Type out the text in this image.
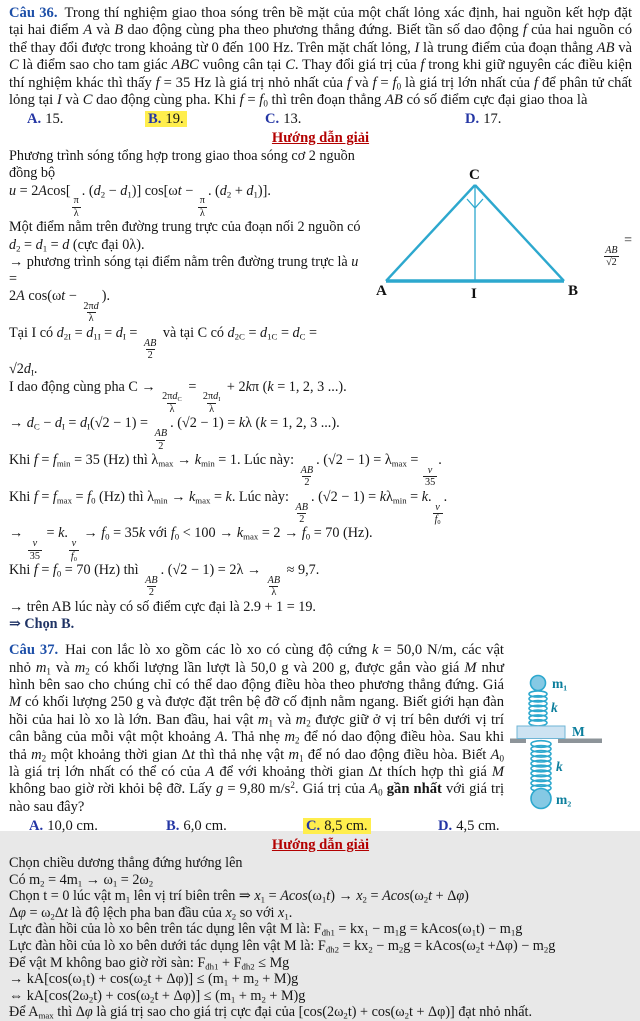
Câu 36. Trong thí nghiệm giao thoa sóng trên bề mặt của một chất lỏng xác định, hai nguồn kết hợp đặt tại hai điểm A và B dao động cùng pha theo phương thẳng đứng. Biết tần số dao động f của hai nguồn có thể thay đổi được trong khoảng từ 0 đến 100 Hz. Trên mặt chất lỏng, I là trung điểm của đoạn thẳng AB và C là điểm sao cho tam giác ABC vuông cân tại C. Thay đổi giá trị của f trong khi giữ nguyên các điều kiện thí nghiệm khác thì thấy f = 35 Hz là giá trị nhỏ nhất của f và $f = f_0$ là giá trị lớn nhất của f để phân tử chất lỏng tại I và C dao động cùng pha. Khi $f = f_0$ thì trên đoạn thẳng AB có số điểm cực đại giao thoa là

A. 15.	B. 19.	C. 13.	D. 17.
Hướng dẫn giải
C
A	B
I
$\frac{AB}{√2}$
=
Phương trình sóng tổng hợp trong giao thoa sóng cơ 2 nguồn đồng bộ
u = 2Acos[
$\frac{\pi}{\lambda}$
. $(d_2 - d_1)$] cos[ωt −
$\frac{\pi}{\lambda}$
. $(d_2 + d_1)$].
Một điểm nằm trên đường trung trực của đoạn nối 2 nguồn có
$d_2 = d_1 = d$ (cực đại 0λ).
→ phương trình sóng tại điểm nằm trên đường trung trực là u =
2A cos(ωt −
$\frac{2\pi d}{\lambda}$
).
Tại I có $d_{2I} = d_{1I} = d_I$ =
$\frac{AB}{2}$
và tại C có $d_{2C} = d_{1C} = d_C$ =
$√2d_I$.
I dao động cùng pha C →
$2\pi d_C$
λ
=
$2\pi d_I$
λ
+ 2kπ (k = 1, 2, 3 ...).
→ $d_C - d_I = d_I(√2 - 1)$ =
$\frac{AB}{2}$
. (√2 − 1) = kλ (k = 1, 2, 3 ...).
Khi $f = f_{min} = 35$ (Hz) thì $\lambda_{max} \to k_{min} = 1$. Lúc này:
$\frac{AB}{2}$
. $(√2 - 1) = \lambda_{max}$ =
$\frac{v}{35}$
.
Khi $f = f_{max} = f_0$ (Hz) thì $\lambda_{min} \to k_{max} = k$. Lúc này:
$\frac{AB}{2}$
. $(√2 - 1) = k\lambda_{min} = k$.
$\frac{v}{f_0}$
.
→
$\frac{v}{35}$
= k.
$\frac{v}{f_0}$
→ $f_0 = 35k$ với $f_0 < 100 \to k_{max} = 2 \to f_0 = 70$ (Hz).
Khi $f = f_0 = 70$ (Hz) thì
$\frac{AB}{2}$
. (√2 − 1) = 2λ →
$\frac{AB}{\lambda}$
≈ 9,7.
→ trên AB lúc này có số điểm cực đại là 2.9 + 1 = 19.
⇒ Chọn B.
m₁
k
M
k
m₂

Câu 37. Hai con lắc lò xo gồm các lò xo có cùng độ cứng k = 50,0 N/m, các vật nhỏ $m_1$ và $m_2$ có khối lượng lần lượt là 50,0 g và 200 g, được gắn vào giá M như hình bên sao cho chúng chỉ có thể dao động điều hòa theo phương thẳng đứng. Giá M có khối lượng 250 g và được đặt trên bệ đỡ cố định nằm ngang. Biết giới hạn đàn hồi của hai lò xo là lớn. Ban đầu, hai vật $m_1$ và $m_2$ được giữ ở vị trí bên dưới vị trí cân bằng của mỗi vật một khoảng A. Thả nhẹ $m_2$ để nó dao động điều hòa. Sau khi thả $m_2$ một khoảng thời gian Δt thì thả nhẹ vật $m_1$ để nó dao động điều hòa. Biết $A_0$ là giá trị lớn nhất có thể có của A để với khoảng thời gian Δt thích hợp thì giá M không bao giờ rời khỏi bệ đỡ. Lấy g = 9,80 $m/s^2$. Giá trị của $A_0$ gần nhất với giá trị nào sau đây?

A. 10,0 cm.	B. 6,0 cm.	C. 8,5 cm.	D. 4,5 cm.
Hướng dẫn giải
Chọn chiều dương thẳng đứng hướng lên
Có $m_2 = 4m_1 \to \omega_1 = 2\omega_2$
Chọn t = 0 lúc vật $m_1$ lên vị trí biên trên ⇒ $x_1 = Acos(\omega_1t) \to x_2 = Acos(\omega_2t + \Delta\varphi)$
$\Delta\varphi = \omega_2\Delta t$ là độ lệch pha ban đầu của $x_2$ so với $x_1$.
Lực đàn hồi của lò xo bên trên tác dụng lên vật M là: $F_{đh1} = kx_1 - m_1g = kAcos(\omega_1t) - m_1g$
Lực đàn hồi của lò xo bên dưới tác dụng lên vật M là: $F_{đh2} = kx_2 - m_2g = kAcos(\omega_2t +\Delta\varphi) - m_2g$
Để vật M không bao giờ rời sàn: $F_{đh1} + F_{đh2} \le Mg$
→ $kA[\cos(\omega_1t) + \cos(\omega_2t + \Delta\varphi)] \le (m_1 + m_2 + M)g$
⇔ $kA[\cos(2\omega_2t) + \cos(\omega_2t + \Delta\varphi)] \le (m_1 + m_2 + M)g$
Để $A_{max}$ thì Δφ là giá trị sao cho giá trị cực đại của $[\cos(2\omega_2t) + \cos(\omega_2t + \Delta\varphi)]$ đạt nhỏ nhất.
